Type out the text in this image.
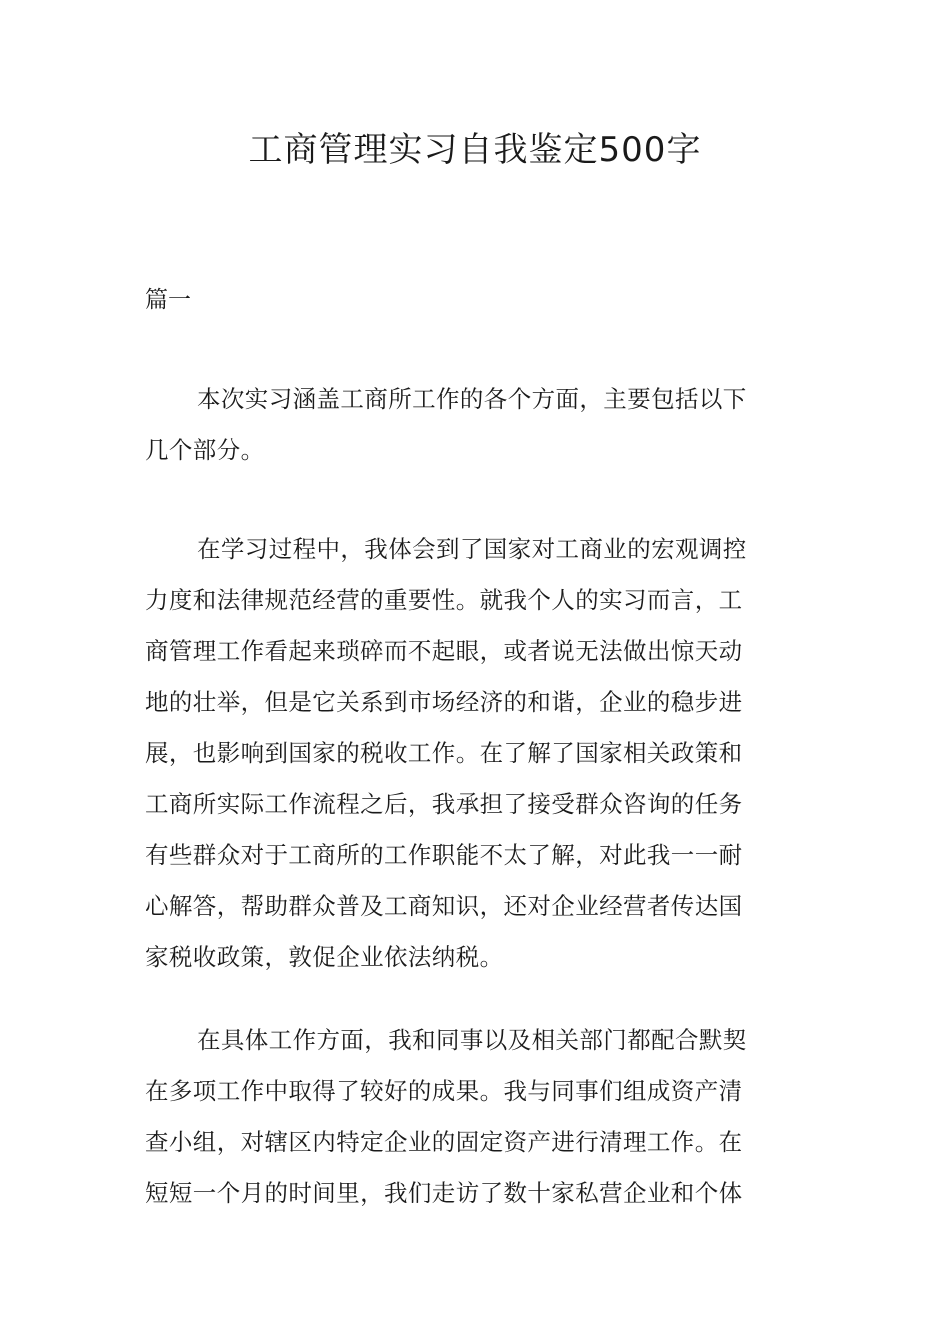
工商管理实习自我鉴定500字

篇一

本次实习涵盖工商所工作的各个方面，主要包括以下
几个部分。
在学习过程中，我体会到了国家对工商业的宏观调控
力度和法律规范经营的重要性。就我个人的实习而言，工
商管理工作看起来琐碎而不起眼，或者说无法做出惊天动
地的壮举，但是它关系到市场经济的和谐，企业的稳步进
展，也影响到国家的税收工作。在了解了国家相关政策和
工商所实际工作流程之后，我承担了接受群众咨询的任务
有些群众对于工商所的工作职能不太了解，对此我一一耐
心解答，帮助群众普及工商知识，还对企业经营者传达国
家税收政策，敦促企业依法纳税。
在具体工作方面，我和同事以及相关部门都配合默契
在多项工作中取得了较好的成果。我与同事们组成资产清
查小组，对辖区内特定企业的固定资产进行清理工作。在
短短一个月的时间里，我们走访了数十家私营企业和个体
